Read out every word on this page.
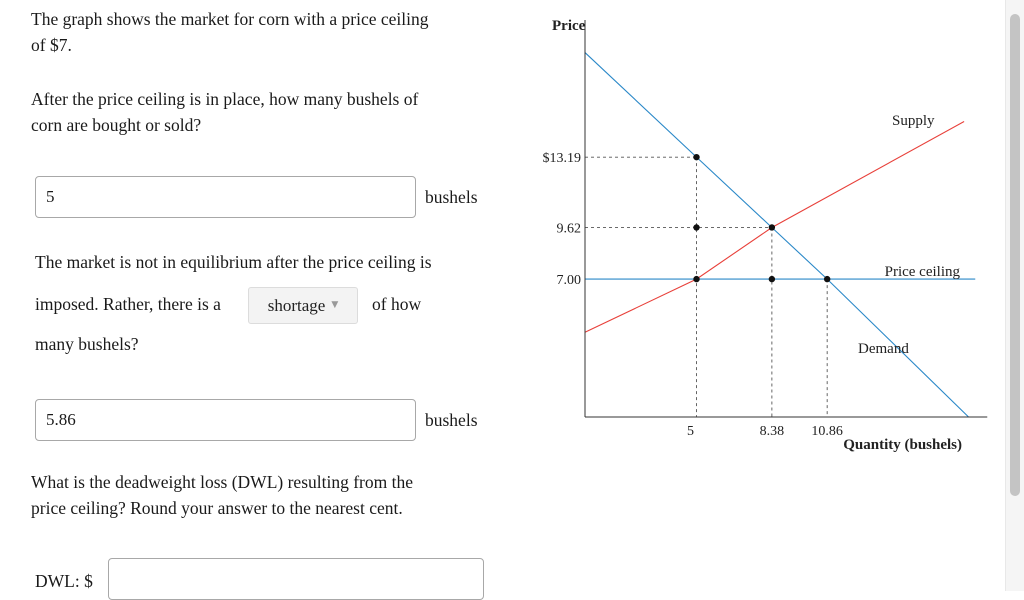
The graph shows the market for corn with a price ceiling
of $7.
After the price ceiling is in place, how many bushels of
corn are bought or sold?
5
bushels
The market is not in equilibrium after the price ceiling is
imposed. Rather, there is a	shortage ▼ of how
many bushels?
5.86
bushels
What is the deadweight loss (DWL) resulting from the
price ceiling? Round your answer to the nearest cent.
DWL: $
$13.19
9.62
7.00
5	8.38 10.86
Price
Quantity (bushels)
Supply
Demand
Price ceiling
